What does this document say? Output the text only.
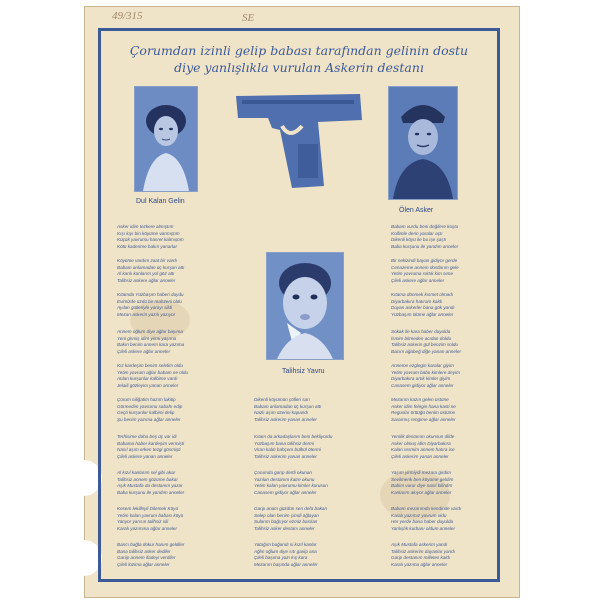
49/315	SE
Çorumdan izinli gelip babası tarafından gelinin dostu
diye yanlışlıkla vurulan Askerin destanı
Dul Kalan Gelin
Ölen Asker
Talihsiz Yavru
Asker idim tezkere almıştım
Kışı kıyı bin köyüme varmıştım
Küçük yavrumu hasret kalmıştım
Kötü kaderime bakın yanarlar
Köyüme vardım zaat bir vardı
Babam anlamadan üç kurşun attı
Al kanlı kanlarım yol göz attı
Talihsiz askere ağlar anneler
Kıtamda Yüzbaşım haberi duydu
Evimizde üzdü bir mahzeni oldu
Ayılan gülleriyle yarayı sildi
Mezarı askerin yazılı yazıyor
Annem oğlum diye ağlar başıma
Yeni girmiş idim yirmi yaşıma
Bakın benim annem kara yazıma
Çileli askere ağlar anneler
Kız kardeşim benim selelim oldu
Yetim yavrum ağlar babam ne oldu
Atılan kurşunlar kalbime vardı
Jelaili gözleyim yanan anneler
Çorum niliğatim hazım lakitip
Görmedim yavrumu sabahı edip
Geçti kurşunlar kalbimi delip
Şu benim yazıma ağlar anneler
Terhisime daha beş üç var idi
Babama haber kardeşim vermişti
Nasıl aşım erken tezgi gösmişti
Çileli askere yanan anneler
Al kızıl kanlarım sel gibi akar
Talihsiz annem gözüme bakar
Aşık Mustafa da destanım yazar
Baba kurşunu ile yandım anneler
Kesem lekilleyli Dilemek Köyü
Yetim kalan yavrum babası köyü
Yatıyor yarısın talihsiz sili
Karalı yazımına ağlar anneler
Barıcı bağla dokur hanım geldiler
Bana talihsiz asker dediler
Gariip annem ifadeyi verdiler
Çileli lozima ağlar anneler
Dikenli köyümün çölleri sarı
Babam anlamadan üç kurşun attı
Nazlı aşım üzerini kapandı
Talihsiz askerim yanan anneler
Kıtam da arkadaşlarım beni bekliyordu
Yüzbaşım bana talihsiz dermi
Viran kaldı bahçem bülbül ötermi
Talihsiz askerim yanan anneler
Çorumda garip dertli okunan
Yazılan destanım katre okunu
Yetim kalan yavrumu kimler korusun
Canasem gidiyor ağlar anneler
Garip anam güzdün sen defa bakan
Selep olan benim çimdi ağlayan
Sularım bağrıyor ezmiz basılan
Talihsiz asker destanı anneler
Yatağım bağandı si kızıl kanlar
Ağlın oğlum diye sıtı gariip ana
Çileli başıma yazı kış kara
Mezarım başında ağlar anneler
Babam vurdu beni değilere koştu
Kollimle derin yaralar açtı
Dikenli köyü ile bu işe şaştı
Baba kurşunu ile yandım anneler
Bir sekizindi bayan gidiyor gerde
Cenazeme annem dostlarım gele
Yetim yavruma sıktık kim sene
Çileli askere ağlar anneler
Kıtama dönmek kısmet olmadı
Diyarbakıra hatıram kaldı
Duyan askerler bana gök yandı
Yüzbaşım ölüme ağlar anneler
Sokak ile kara haber duyulda
İsmim bitmeden acıdan doldu
Talihsiz askerin gül benzim soldu
Bacım ağabeğ diğe yanan anneler
Anneme ezglegin karalar giyim
Yetim yavrum babo kimlere deyim
Diyarbakıra artık kimler giyim
Canasem gidiyor ağlar anneler
Mezarım kazın gelen üstüne
Asker idim felegin hana kasti ne
Reguslar örttüğü benim üstüme
Sararmış rengime ağlar anneler
Yemlik destanım okunsun dilde
Asker olmuş idim Diyarbakıra
Kalan resmim annem hatıra ise
Çileli askerim yanan anneler
Yaşım yirmiydi mezara girdim
Sevilmerik ben köyüme geldim
Babim vurur diye nasıl bilirdim
Kanlarım akıyor ağlar anneler
Babam mezarımda kendinde vardı
Karalı yazımız yavrum oldu
Her yerde bana haber duyulda
Yanlışlık kurbanı oldum anneler
Aşık Mustafa askerim yandı
Talihsiz askerim dayanlar yandı
Garip destanım milletes kaldı
Karalı yazıma ağlar anneler
